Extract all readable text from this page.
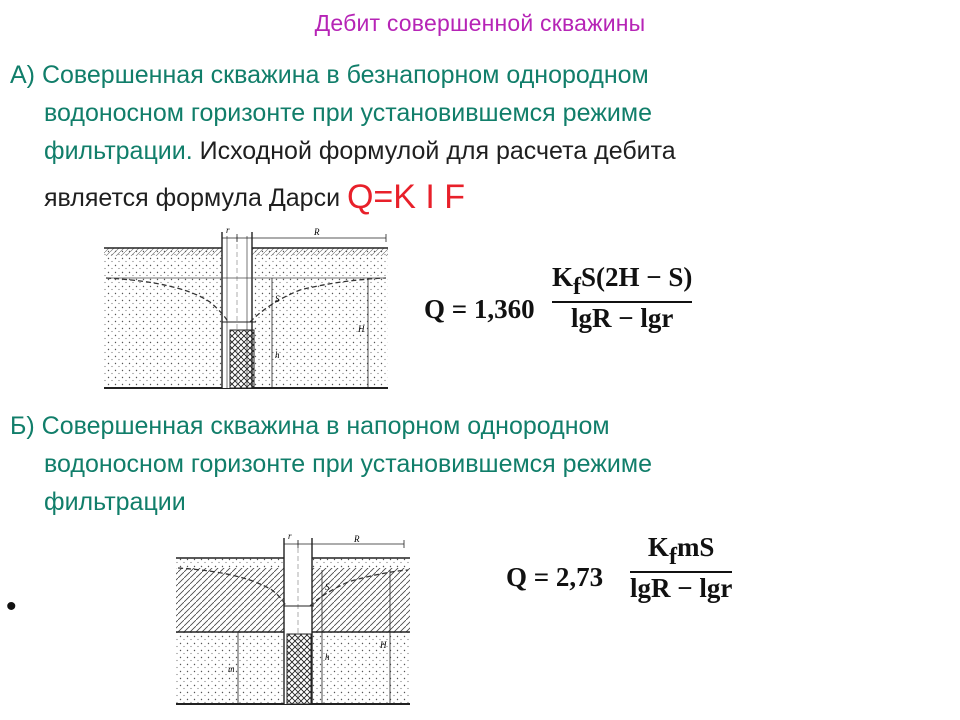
Дебит совершенной скважины
А) Совершенная скважина в безнапорном однородном
водоносном горизонте при установившемся режиме
фильтрации. Исходной формулой для расчета дебита
является формула Дарси Q=K I F
r	R
S
H
h
Q = 1,360
KfS(2H − S)
lgR − lgr
Б) Совершенная скважина в напорном однородном
водоносном горизонте при установившемся режиме
фильтрации
r	R
S
H
h
m
Q = 2,73
KfmS
lgR − lgr
•
